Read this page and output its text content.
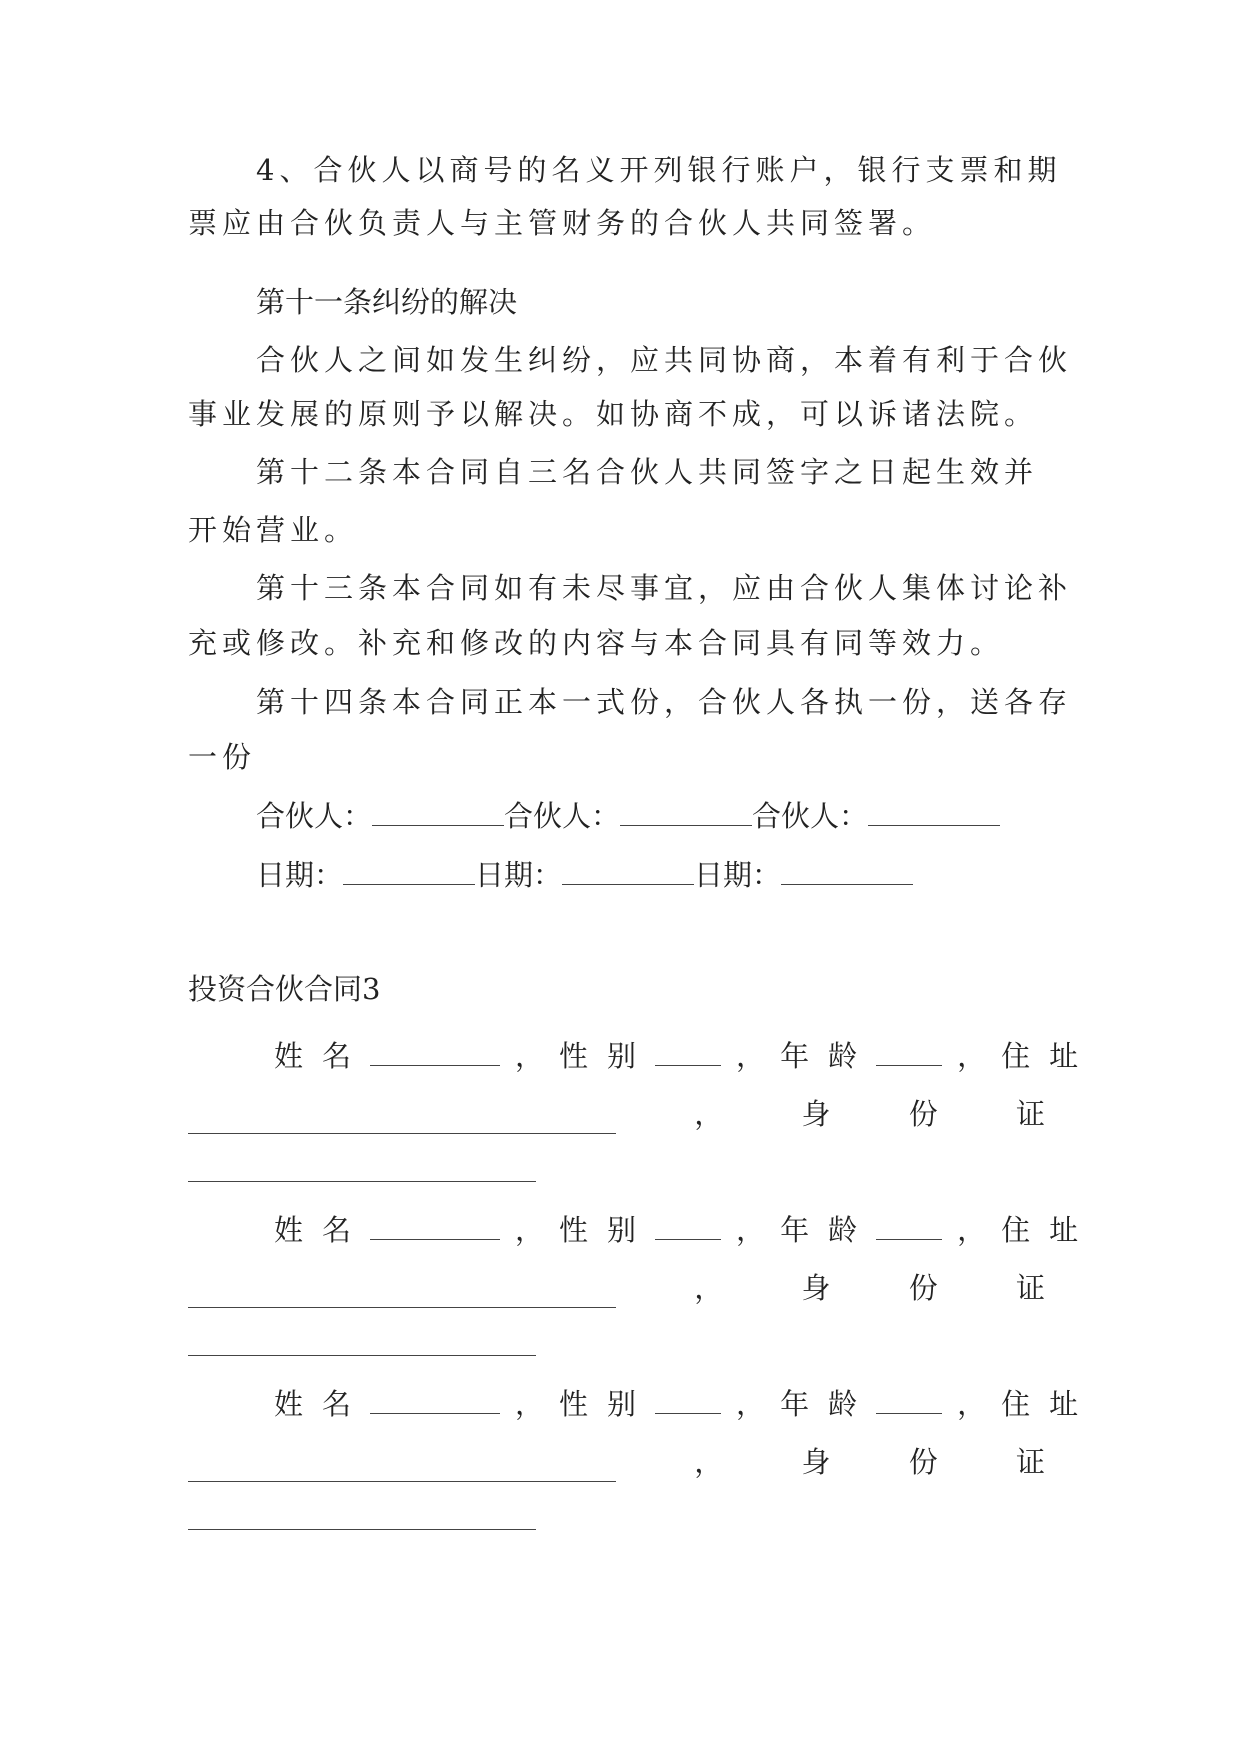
4、合伙人以商号的名义开列银行账户，银行支票和期
票应由合伙负责人与主管财务的合伙人共同签署。
第十一条纠纷的解决
合伙人之间如发生纠纷，应共同协商，本着有利于合伙
事业发展的原则予以解决。如协商不成，可以诉诸法院。
第十二条本合同自三名合伙人共同签字之日起生效并
开始营业。
第十三条本合同如有未尽事宜，应由合伙人集体讨论补
充或修改。补充和修改的内容与本合同具有同等效力。
第十四条本合同正本一式份，合伙人各执一份，送各存
一份
合伙人：	合伙人：	合伙人：
日期：	日期：	日期：
投资合伙合同3
姓名	， 性别	， 年龄	， 住址
，	身	份	证
姓名	， 性别	， 年龄	， 住址
，	身	份	证
姓名	， 性别	， 年龄	， 住址
，	身	份	证
